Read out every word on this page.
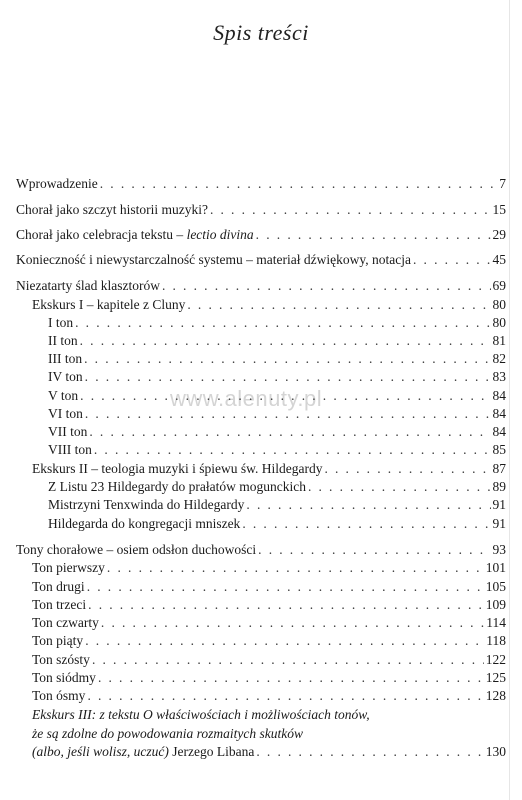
Spis treści
www.alenuty.pl
Wprowadzenie . . .	7
Chorał jako szczyt historii muzyki? . . .	15
Chorał jako celebracja tekstu – lectio divina . . .	29
Konieczność i niewystarczalność systemu – materiał dźwiękowy, notacja . . .	45
Niezatarty ślad klasztorów . . .	69
Ekskurs I – kapitele z Cluny . . .	80
I ton . . .	80
II ton . . .	81
III ton . . .	82
IV ton . . .	83
V ton . . .	84
VI ton . . .	84
VII ton . . .	84
VIII ton . . .	85
Ekskurs II – teologia muzyki i śpiewu św. Hildegardy . . .	87
Z Listu 23 Hildegardy do prałatów mogunckich . . .	89
Mistrzyni Tenxwinda do Hildegardy . . .	91
Hildegarda do kongregacji mniszek . . .	91
Tony chorałowe – osiem odsłon duchowości . . .	93
Ton pierwszy . . .	101
Ton drugi . . .	105
Ton trzeci . . .	109
Ton czwarty . . .	114
Ton piąty . . .	118
Ton szósty . . .	122
Ton siódmy . . .	125
Ton ósmy . . .	128
Ekskurs III: z tekstu O właściwościach i możliwościach tonów,
że są zdolne do powodowania rozmaitych skutków
(albo, jeśli wolisz, uczuć) Jerzego Libana . . .	130
